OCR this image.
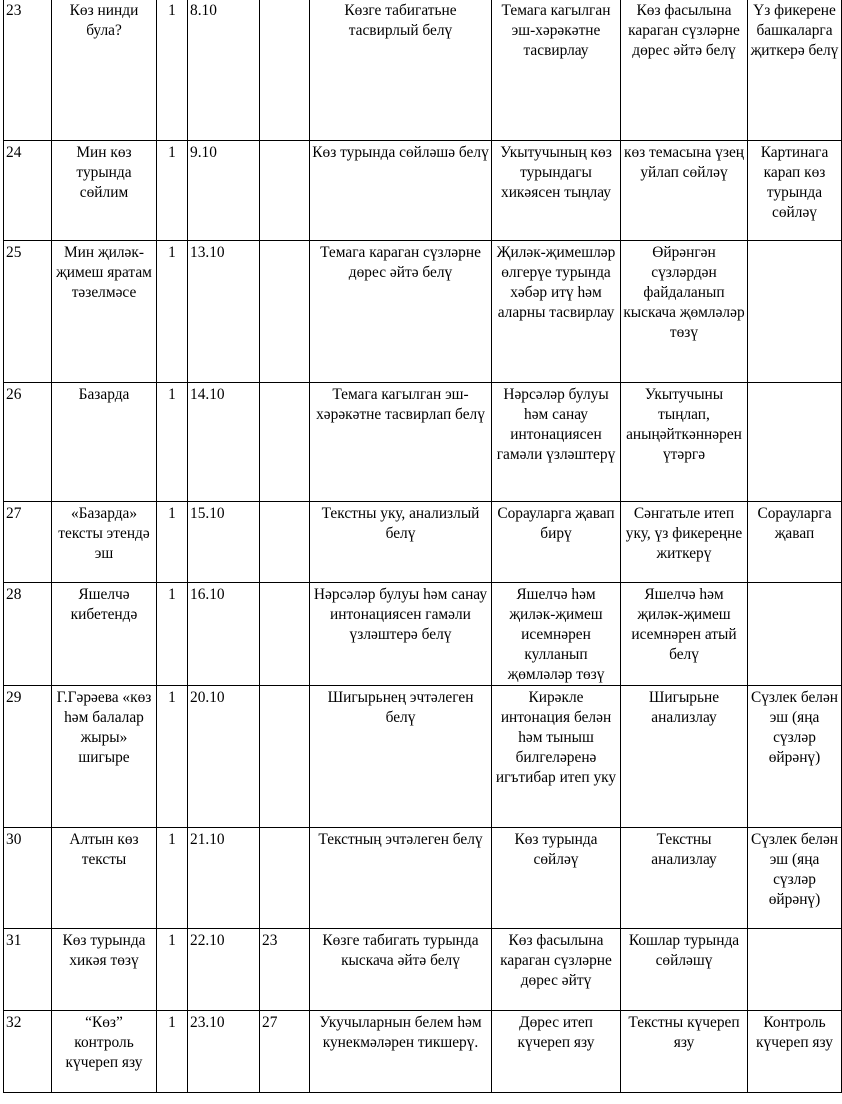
23	Көз нинди була?	1	8.10		Көзге табигатьне тасвирлый белү	Темага кагылган эш-хәрәкәтне тасвирлау	Көз фасылына караган сүзләрне дөрес әйтә белү	Үз фикерене башкаларга җиткерә белү
24	Мин көз турында сөйлим	1	9.10		Көз турында сөйләшә белү	Укытучының көз турындагы хикәясен тыңлау	көз темасына үзең уйлап сөйләү	Картинага карап көз турында сөйләү
25	Мин җиләк-җимеш яратам тәзелмәсе	1	13.10		Темага караган сүзләрне дөрес әйтә белү	Җиләк-җимешләр өлгерүе турында хәбәр итү һәм аларны тасвирлау	Өйрәнгән сүзләрдән файдаланып кыскача җөмләләр төзү	
26	Базарда	1	14.10		Темага кагылган эш-хәрәкәтне тасвирлап белү	Нәрсәләр булуы һәм санау интонациясен гамәли үзләштерү	Укытучыны тыңлап, аныңәйткәннәрен үтәргә	
27	«Базарда» тексты этендә эш	1	15.10		Текстны уку, анализлый белү	Сорауларга җавап бирү	Сәнгатьле итеп уку, үз фикереңне житкерү	Сорауларга җавап
28	Яшелчә кибетендә	1	16.10		Нәрсәләр булуы һәм санау интонациясен гамәли үзләштерә белү	Яшелчә һәм җиләк-җимеш исемнәрен кулланып җөмләләр төзү	Яшелчә һәм җиләк-җимеш исемнәрен атый белү	
29	Г.Гәрәева «көз һәм балалар жыры» шигыре	1	20.10		Шигырьнең эчтәлеген белү	Кирәкле интонация белән һәм тыныш билгеләренә игътибар итеп уку	Шигырьне анализлау	Сүзлек белән эш (яңа сүзләр өйрәнү)
30	Алтын көз тексты	1	21.10		Текстның эчтәлеген белү	Көз турында сөйләү	Текстны анализлау	Сүзлек белән эш (яңа сүзләр өйрәнү)
31	Көз турында хикәя төзү	1	22.10	23	Көзге табигать турында кыскача әйтә белү	Көз фасылына караган сүзләрне дөрес әйтү	Кошлар турында сөйләшү	
32	“Көз” контроль күчереп язу	1	23.10	27	Укучыларнын белем һәм кунекмәләрен тикшерү.	Дөрес итеп күчереп язу	Текстны күчереп язу	Контроль күчереп язу
